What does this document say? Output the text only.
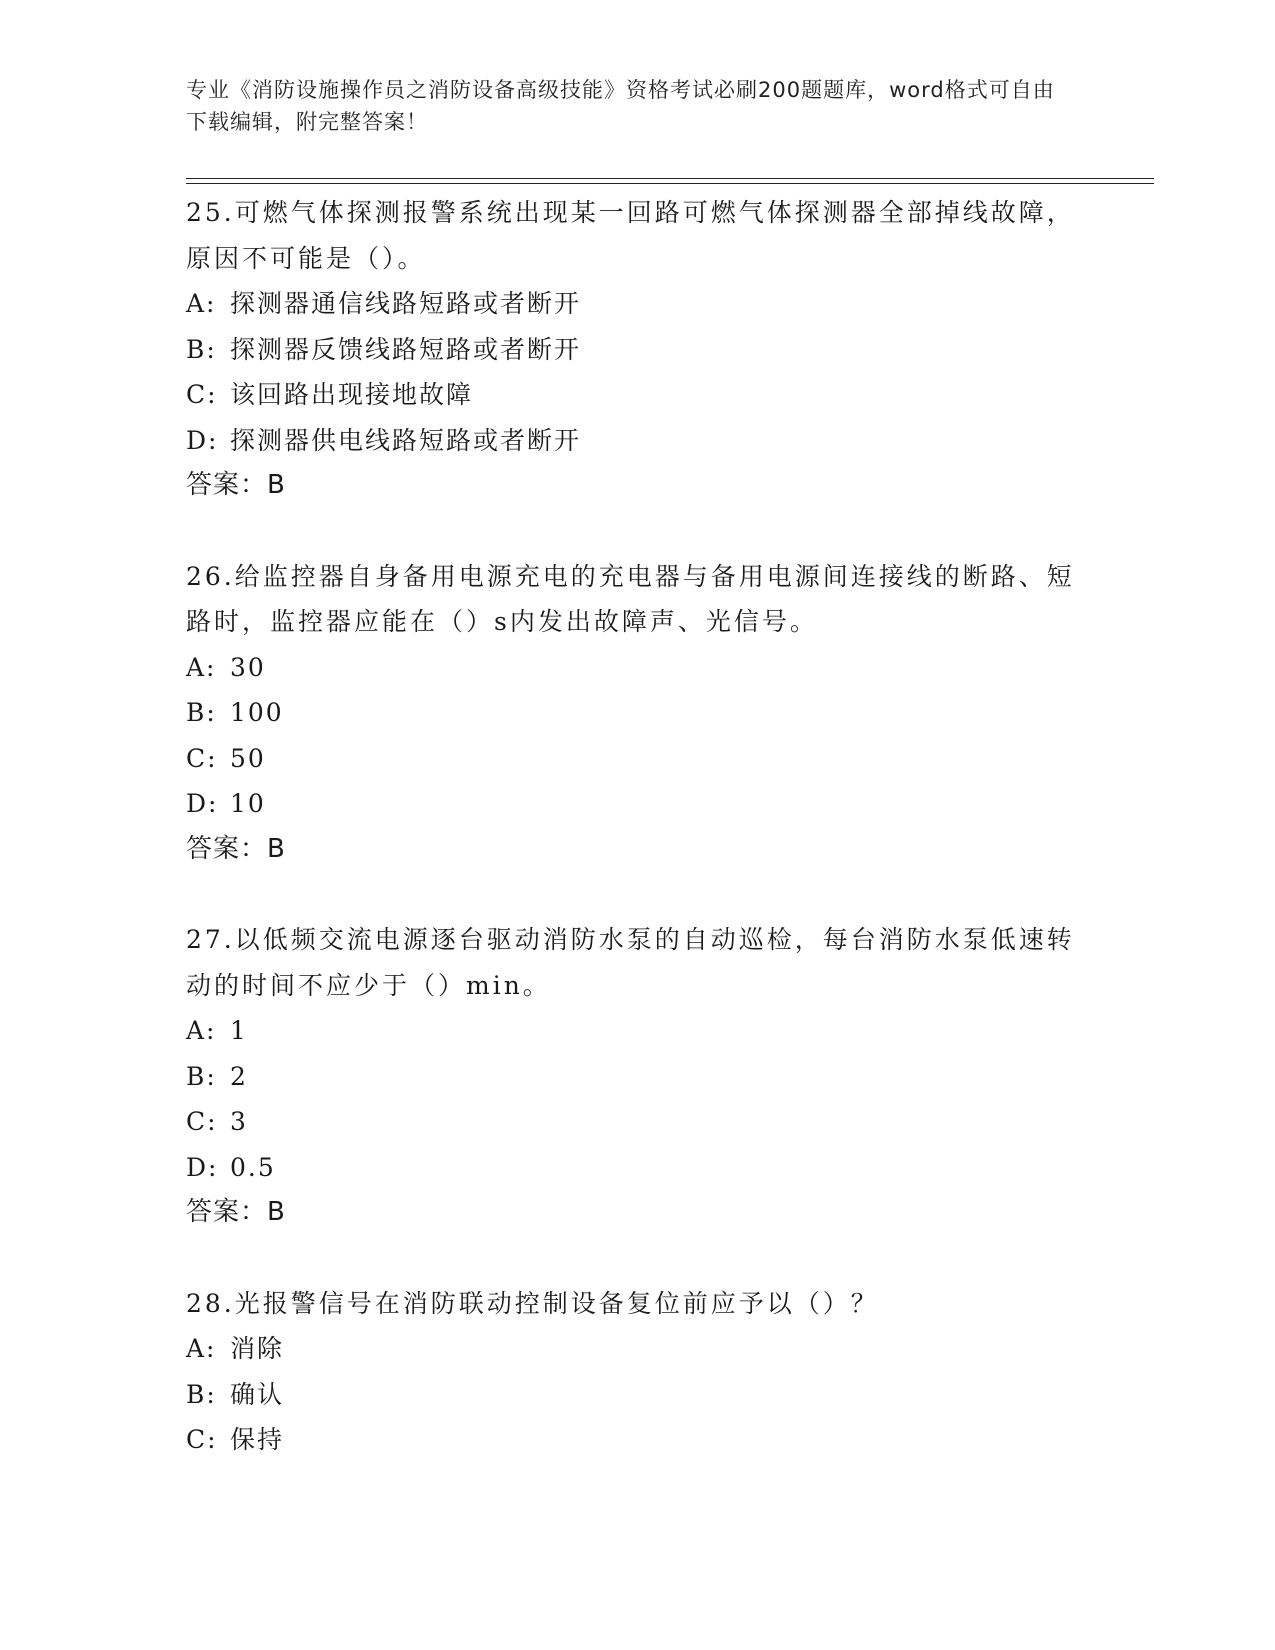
专业《消防设施操作员之消防设备高级技能》资格考试必刷200题题库，word格式可自由下载编辑，附完整答案！

25.可燃气体探测报警系统出现某一回路可燃气体探测器全部掉线故障，原因不可能是（）。

A: 探测器通信线路短路或者断开

B: 探测器反馈线路短路或者断开

C: 该回路出现接地故障

D: 探测器供电线路短路或者断开

答案：B

26.给监控器自身备用电源充电的充电器与备用电源间连接线的断路、短路时，监控器应能在（）s内发出故障声、光信号。

A: 30

B: 100

C: 50

D: 10

答案：B

27.以低频交流电源逐台驱动消防水泵的自动巡检，每台消防水泵低速转动的时间不应少于（）min。

A: 1

B: 2

C: 3

D: 0.5

答案：B

28.光报警信号在消防联动控制设备复位前应予以（）？

A: 消除

B: 确认

C: 保持
